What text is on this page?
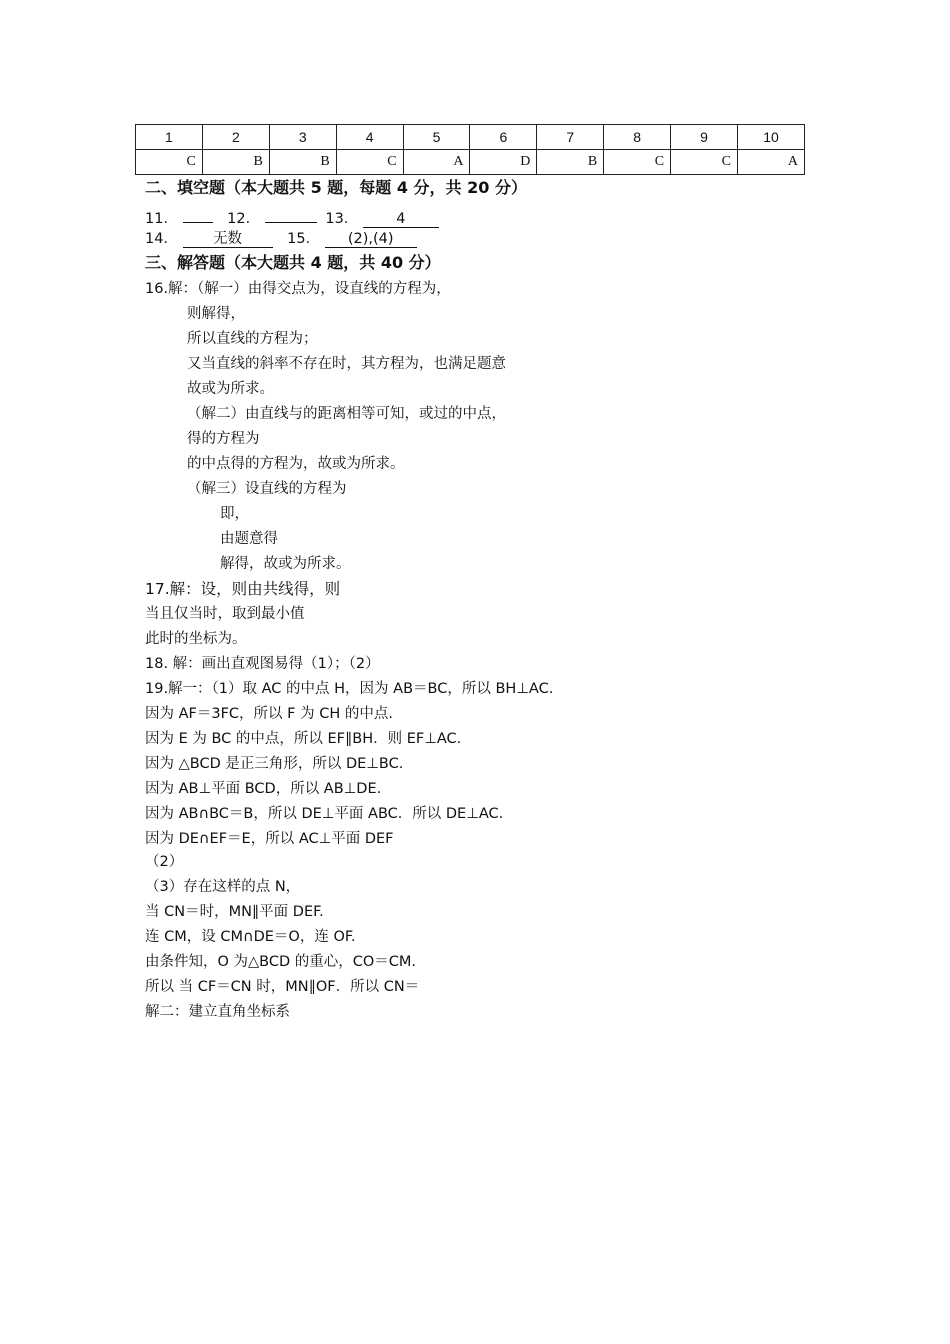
1	2	3	4	5	6	7	8	9	10
C	B	B	C	A	D	B	C	C	A
二、填空题（本大题共 5 题，每题 4 分，共 20 分）
11．	12．	13．	4
14． 无数	15． (2),(4)
三、解答题（本大题共 4 题，共 40 分）
16.解：（解一）由得交点为，设直线的方程为，
则解得，
所以直线的方程为；
又当直线的斜率不存在时，其方程为，也满足题意
故或为所求。
（解二）由直线与的距离相等可知，或过的中点，
得的方程为
的中点得的方程为，故或为所求。
（解三）设直线的方程为
即，
由题意得
解得，故或为所求。
17.解：设，则由共线得，则
当且仅当时，取到最小值
此时的坐标为。
18. 解：画出直观图易得（1）；（2）
19.解一：（1）取 AC 的中点 H，因为 AB＝BC，所以 BH⊥AC.
因为 AF＝3FC，所以 F 为 CH 的中点.
因为 E 为 BC 的中点，所以 EF∥BH．则 EF⊥AC.
因为 △BCD 是正三角形，所以 DE⊥BC.
因为 AB⊥平面 BCD，所以 AB⊥DE.
因为 AB∩BC＝B，所以 DE⊥平面 ABC．所以 DE⊥AC.
因为 DE∩EF＝E，所以 AC⊥平面 DEF
（2）
（3）存在这样的点 N，
当 CN＝时，MN∥平面 DEF.
连 CM，设 CM∩DE＝O，连 OF.
由条件知，O 为△BCD 的重心，CO＝CM.
所以 当 CF＝CN 时，MN∥OF．所以 CN＝
解二：建立直角坐标系
